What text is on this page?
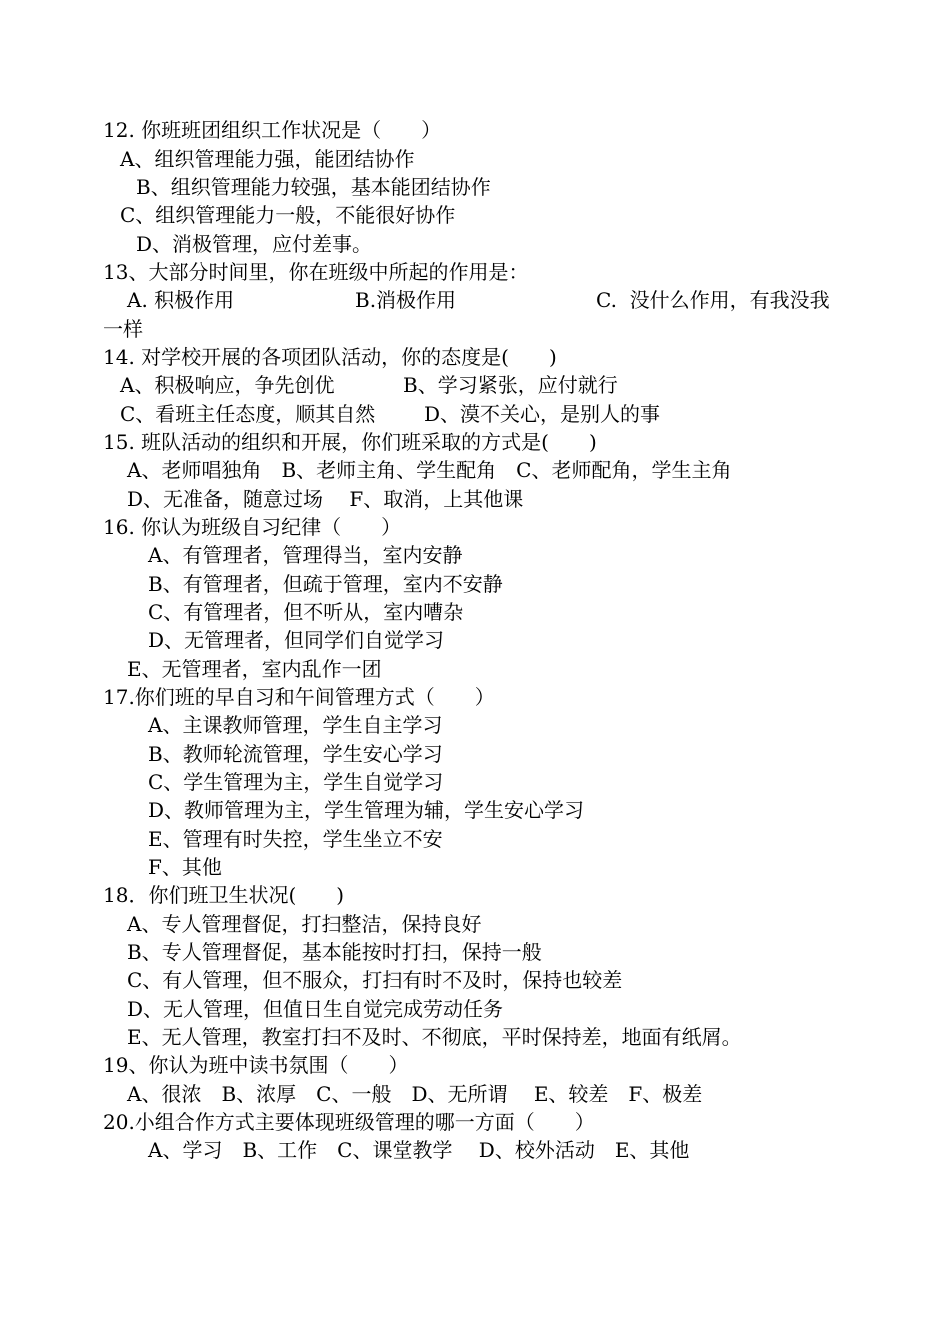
12. 你班班团组织工作状况是（　　）
A、组织管理能力强，能团结协作
B、组织管理能力较强，基本能团结协作
C、组织管理能力一般，不能很好协作
D、消极管理，应付差事。
13、大部分时间里，你在班级中所起的作用是：
A. 积极作用	B.消极作用	C.  没什么作用，有我没我
一样
14. 对学校开展的各项团队活动，你的态度是(　　)
A、积极响应，争先创优	B、学习紧张，应付就行
C、看班主任态度，顺其自然 D、漠不关心，是别人的事
15. 班队活动的组织和开展，你们班采取的方式是(　　)
A、老师唱独角　B、老师主角、学生配角　C、老师配角，学生主角
D、无准备，随意过场　 F、取消，上其他课
16. 你认为班级自习纪律（　　）
A、有管理者，管理得当，室内安静
B、有管理者，但疏于管理，室内不安静
C、有管理者，但不听从，室内嘈杂
D、无管理者，但同学们自觉学习
E、无管理者，室内乱作一团
17.你们班的早自习和午间管理方式（　　）
A、主课教师管理，学生自主学习
B、教师轮流管理，学生安心学习
C、学生管理为主，学生自觉学习
D、教师管理为主，学生管理为辅，学生安心学习
E、管理有时失控，学生坐立不安
F、其他
18．你们班卫生状况(　　)
A、专人管理督促，打扫整洁，保持良好
B、专人管理督促，基本能按时打扫，保持一般
C、有人管理，但不服众，打扫有时不及时，保持也较差
D、无人管理，但值日生自觉完成劳动任务
E、无人管理，教室打扫不及时、不彻底，平时保持差，地面有纸屑。
19、你认为班中读书氛围（　　）
A、很浓　B、浓厚　C、一般　D、无所谓　 E、较差　F、极差
20.小组合作方式主要体现班级管理的哪一方面（　　）
A、学习　B、工作　C、课堂教学　 D、校外活动　E、其他
